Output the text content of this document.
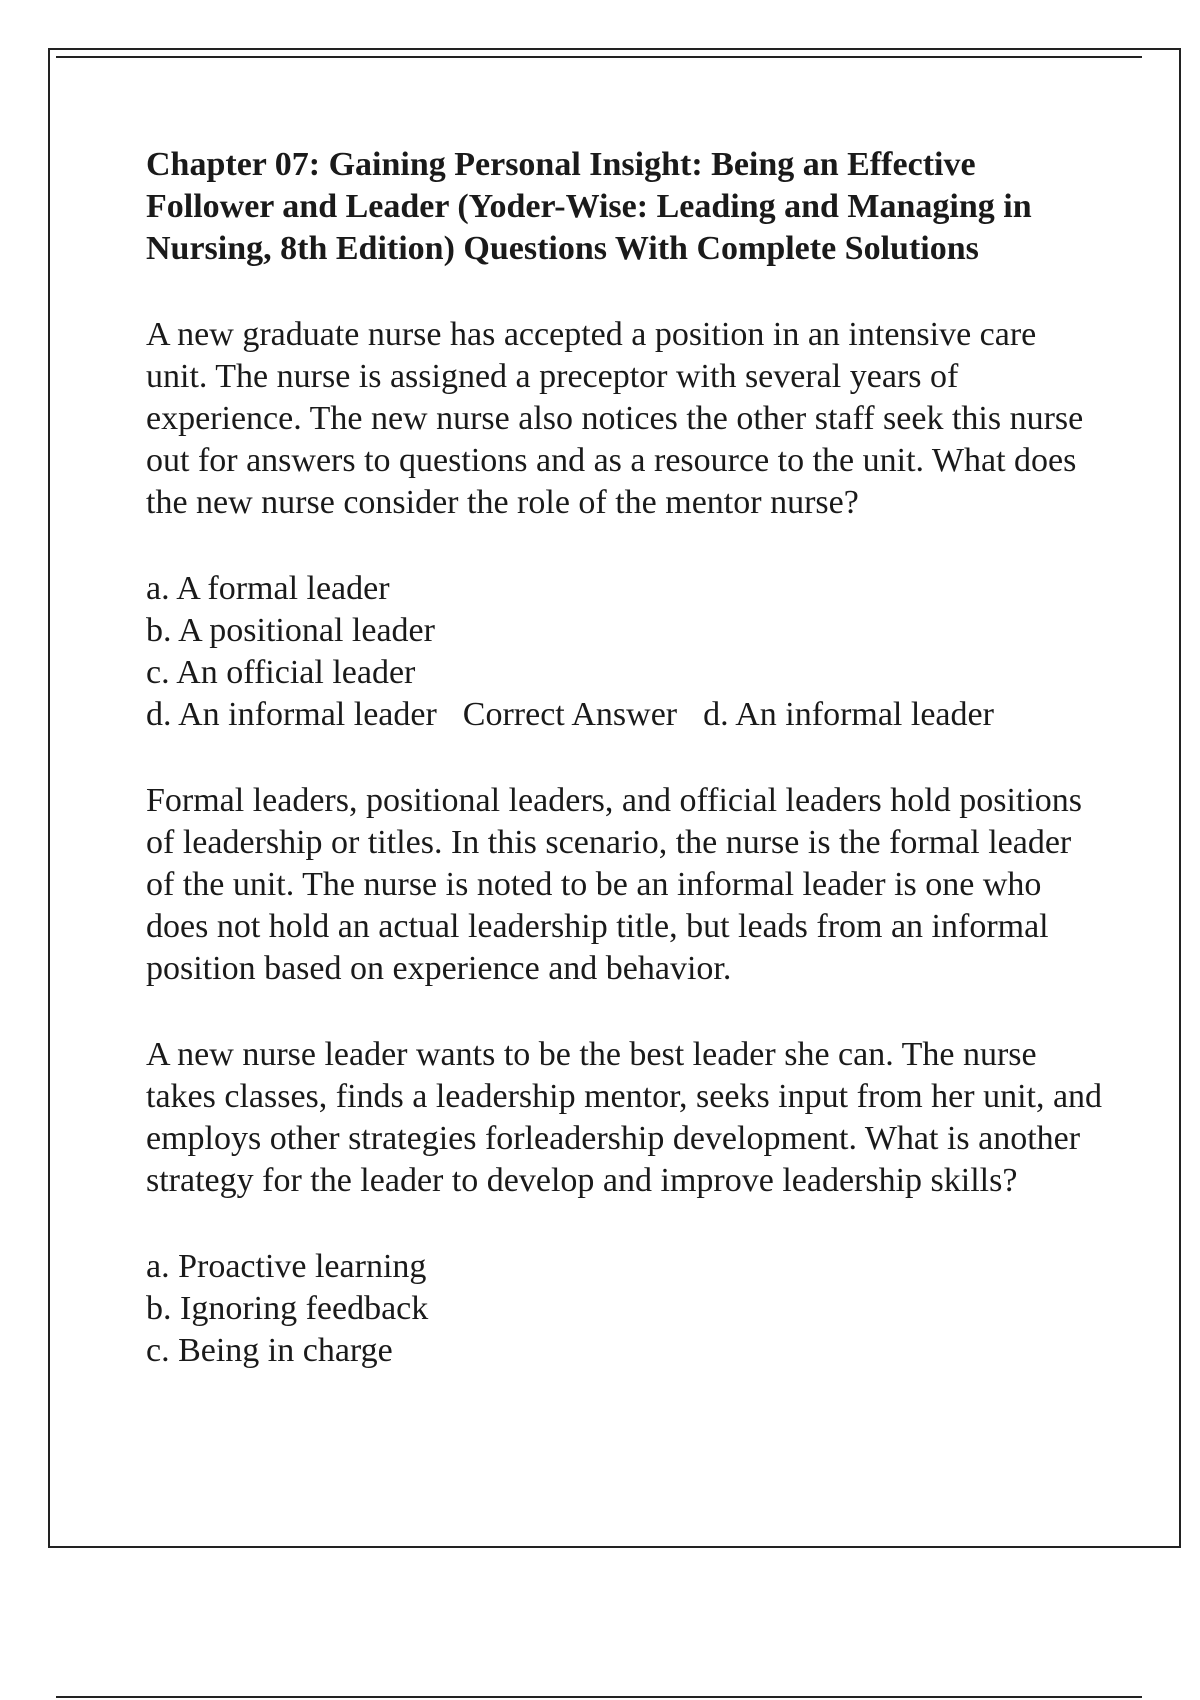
Chapter 07: Gaining Personal Insight: Being an Effective Follower and Leader (Yoder-Wise: Leading and Managing in Nursing, 8th Edition) Questions With Complete Solutions

A new graduate nurse has accepted a position in an intensive care unit. The nurse is assigned a preceptor with several years of experience. The new nurse also notices the other staff seek this nurse out for answers to questions and as a resource to the unit. What does the new nurse consider the role of the mentor nurse?

a. A formal leader
b. A positional leader
c. An official leader
d. An informal leader Correct Answer d. An informal leader

Formal leaders, positional leaders, and official leaders hold positions of leadership or titles. In this scenario, the nurse is the formal leader of the unit. The nurse is noted to be an informal leader is one who does not hold an actual leadership title, but leads from an informal position based on experience and behavior.

A new nurse leader wants to be the best leader she can. The nurse takes classes, finds a leadership mentor, seeks input from her unit, and employs other strategies forleadership development. What is another strategy for the leader to develop and improve leadership skills?

a. Proactive learning
b. Ignoring feedback
c. Being in charge
